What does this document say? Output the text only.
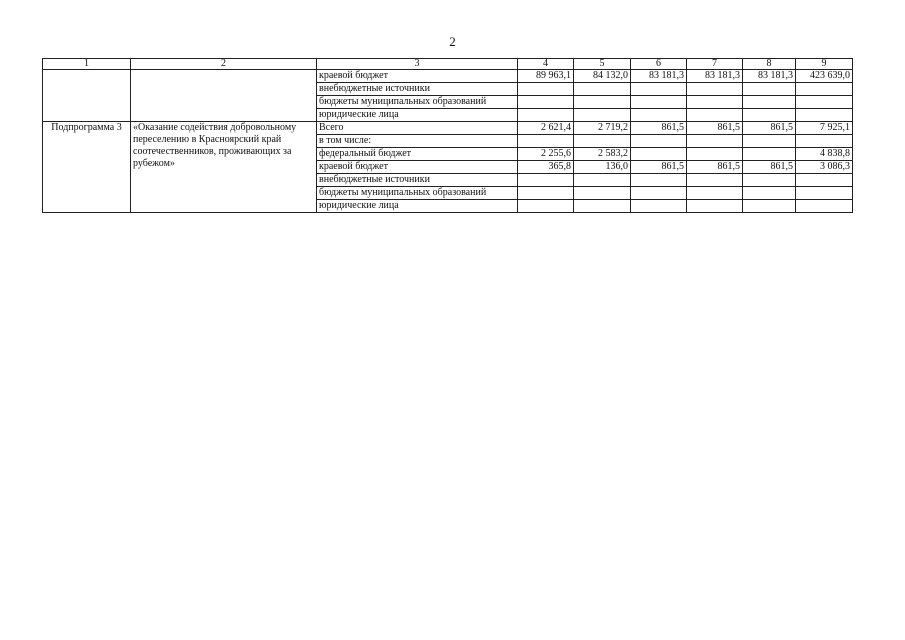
2
1	2	3	4	5	6	7	8	9
		краевой бюджет	89 963,1	84 132,0	83 181,3	83 181,3	83 181,3	423 639,0
		внебюджетные источники						
		бюджеты муниципальных образований						
		юридические лица						
Подпрограмма 3	«Оказание содействия добровольному переселению в Красноярский край соотечественников, проживающих за рубежом»	Всего	2 621,4	2 719,2	861,5	861,5	861,5	7 925,1
		в том числе:						
		федеральный бюджет	2 255,6	2 583,2				4 838,8
		краевой бюджет	365,8	136,0	861,5	861,5	861,5	3 086,3
		внебюджетные источники						
		бюджеты муниципальных образований						
		юридические лица						
